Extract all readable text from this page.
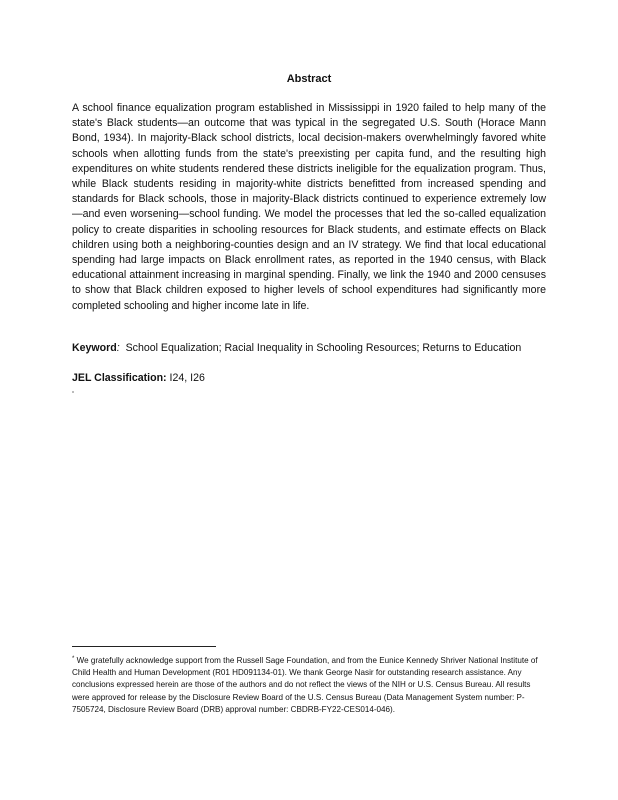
Abstract

A school finance equalization program established in Mississippi in 1920 failed to help many of the state's Black students—an outcome that was typical in the segregated U.S. South (Horace Mann Bond, 1934). In majority-Black school districts, local decision-makers overwhelmingly favored white schools when allotting funds from the state's preexisting per capita fund, and the resulting high expenditures on white students rendered these districts ineligible for the equalization program. Thus, while Black students residing in majority-white districts benefitted from increased spending and standards for Black schools, those in majority-Black districts continued to experience extremely low—and even worsening—school funding. We model the processes that led the so-called equalization policy to create disparities in schooling resources for Black students, and estimate effects on Black children using both a neighboring-counties design and an IV strategy. We find that local educational spending had large impacts on Black enrollment rates, as reported in the 1940 census, with Black educational attainment increasing in marginal spending. Finally, we link the 1940 and 2000 censuses to show that Black children exposed to higher levels of school expenditures had significantly more completed schooling and higher income late in life.

Keyword: School Equalization; Racial Inequality in Schooling Resources; Returns to Education

JEL Classification: I24, I26

* We gratefully acknowledge support from the Russell Sage Foundation, and from the Eunice Kennedy Shriver National Institute of Child Health and Human Development (R01 HD091134-01). We thank George Nasir for outstanding research assistance. Any conclusions expressed herein are those of the authors and do not reflect the views of the NIH or U.S. Census Bureau. All results were approved for release by the Disclosure Review Board of the U.S. Census Bureau (Data Management System number: P-7505724, Disclosure Review Board (DRB) approval number: CBDRB-FY22-CES014-046).
